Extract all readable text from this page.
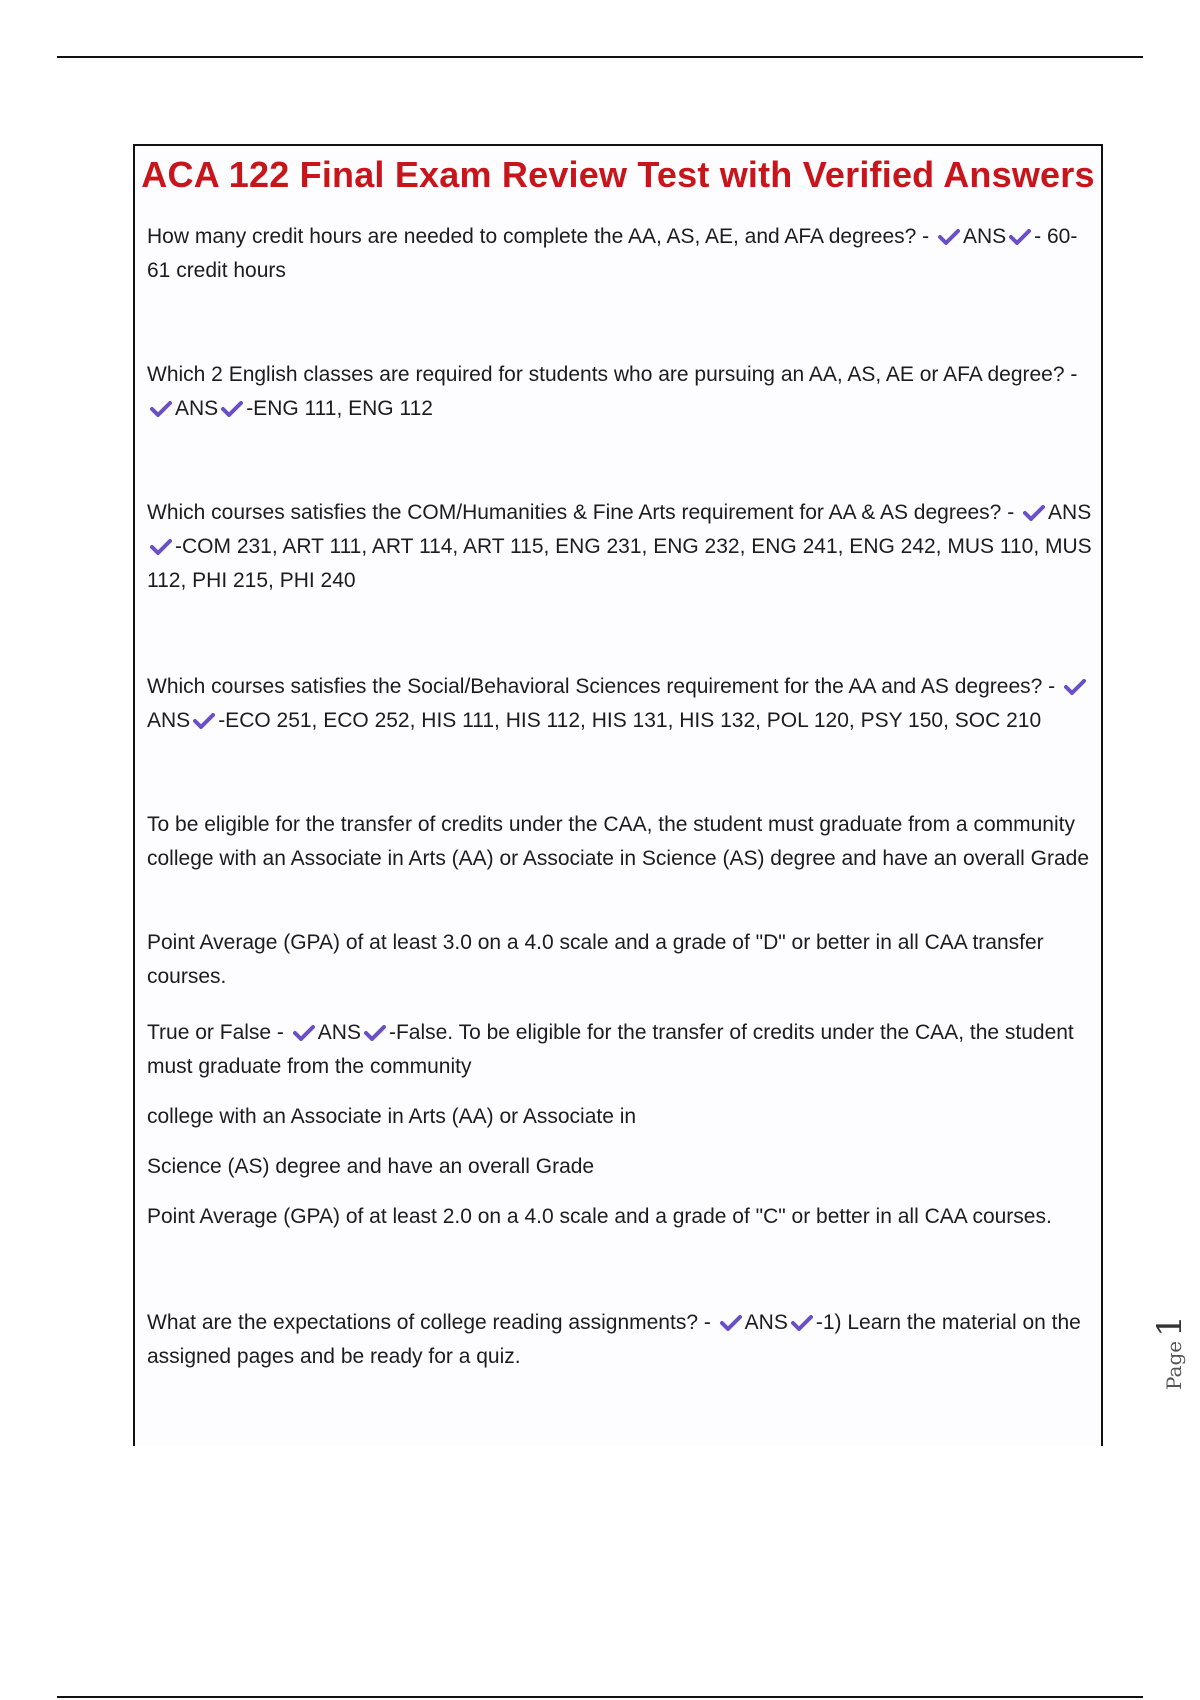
ACA 122 Final Exam Review Test with Verified Answers
How many credit hours are needed to complete the AA, AS, AE, and AFA degrees? - ANS - 60-61 credit hours
Which 2 English classes are required for students who are pursuing an AA, AS, AE or AFA degree? - ANS -ENG 111, ENG 112
Which courses satisfies the COM/Humanities & Fine Arts requirement for AA & AS degrees? - ANS-COM 231, ART 111, ART 114, ART 115, ENG 231, ENG 232, ENG 241, ENG 242, MUS 110, MUS 112, PHI 215, PHI 240
Which courses satisfies the Social/Behavioral Sciences requirement for the AA and AS degrees? - ANS -ECO 251, ECO 252, HIS 111, HIS 112, HIS 131, HIS 132, POL 120, PSY 150, SOC 210
To be eligible for the transfer of credits under the CAA, the student must graduate from a community college with an Associate in Arts (AA) or Associate in Science (AS) degree and have an overall Grade
Point Average (GPA) of at least 3.0 on a 4.0 scale and a grade of "D" or better in all CAA transfer courses.
True or False - ANS -False. To be eligible for the transfer of credits under the CAA, the student must graduate from the community
college with an Associate in Arts (AA) or Associate in
Science (AS) degree and have an overall Grade
Point Average (GPA) of at least 2.0 on a 4.0 scale and a grade of "C" or better in all CAA courses.
What are the expectations of college reading assignments? - ANS -1) Learn the material on the assigned pages and be ready for a quiz.	Page1
